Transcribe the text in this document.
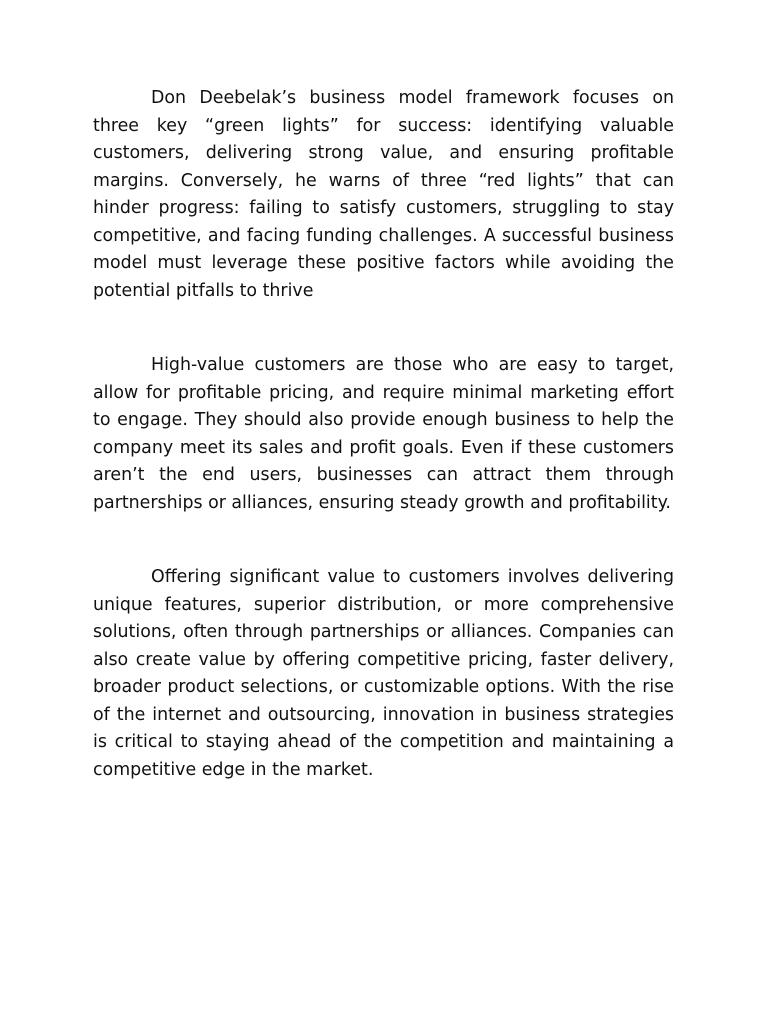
Don Deebelak’s business model framework focuses on three key “green lights” for success: identifying valuable customers, delivering strong value, and ensuring profitable margins. Conversely, he warns of three “red lights” that can hinder progress: failing to satisfy customers, struggling to stay competitive, and facing funding challenges. A successful business model must leverage these positive factors while avoiding the potential pitfalls to thrive

High-value customers are those who are easy to target, allow for profitable pricing, and require minimal marketing effort to engage. They should also provide enough business to help the company meet its sales and profit goals. Even if these customers aren’t the end users, businesses can attract them through partnerships or alliances, ensuring steady growth and profitability.

Offering significant value to customers involves delivering unique features, superior distribution, or more comprehensive solutions, often through partnerships or alliances. Companies can also create value by offering competitive pricing, faster delivery, broader product selections, or customizable options. With the rise of the internet and outsourcing, innovation in business strategies is critical to staying ahead of the competition and maintaining a competitive edge in the market.
